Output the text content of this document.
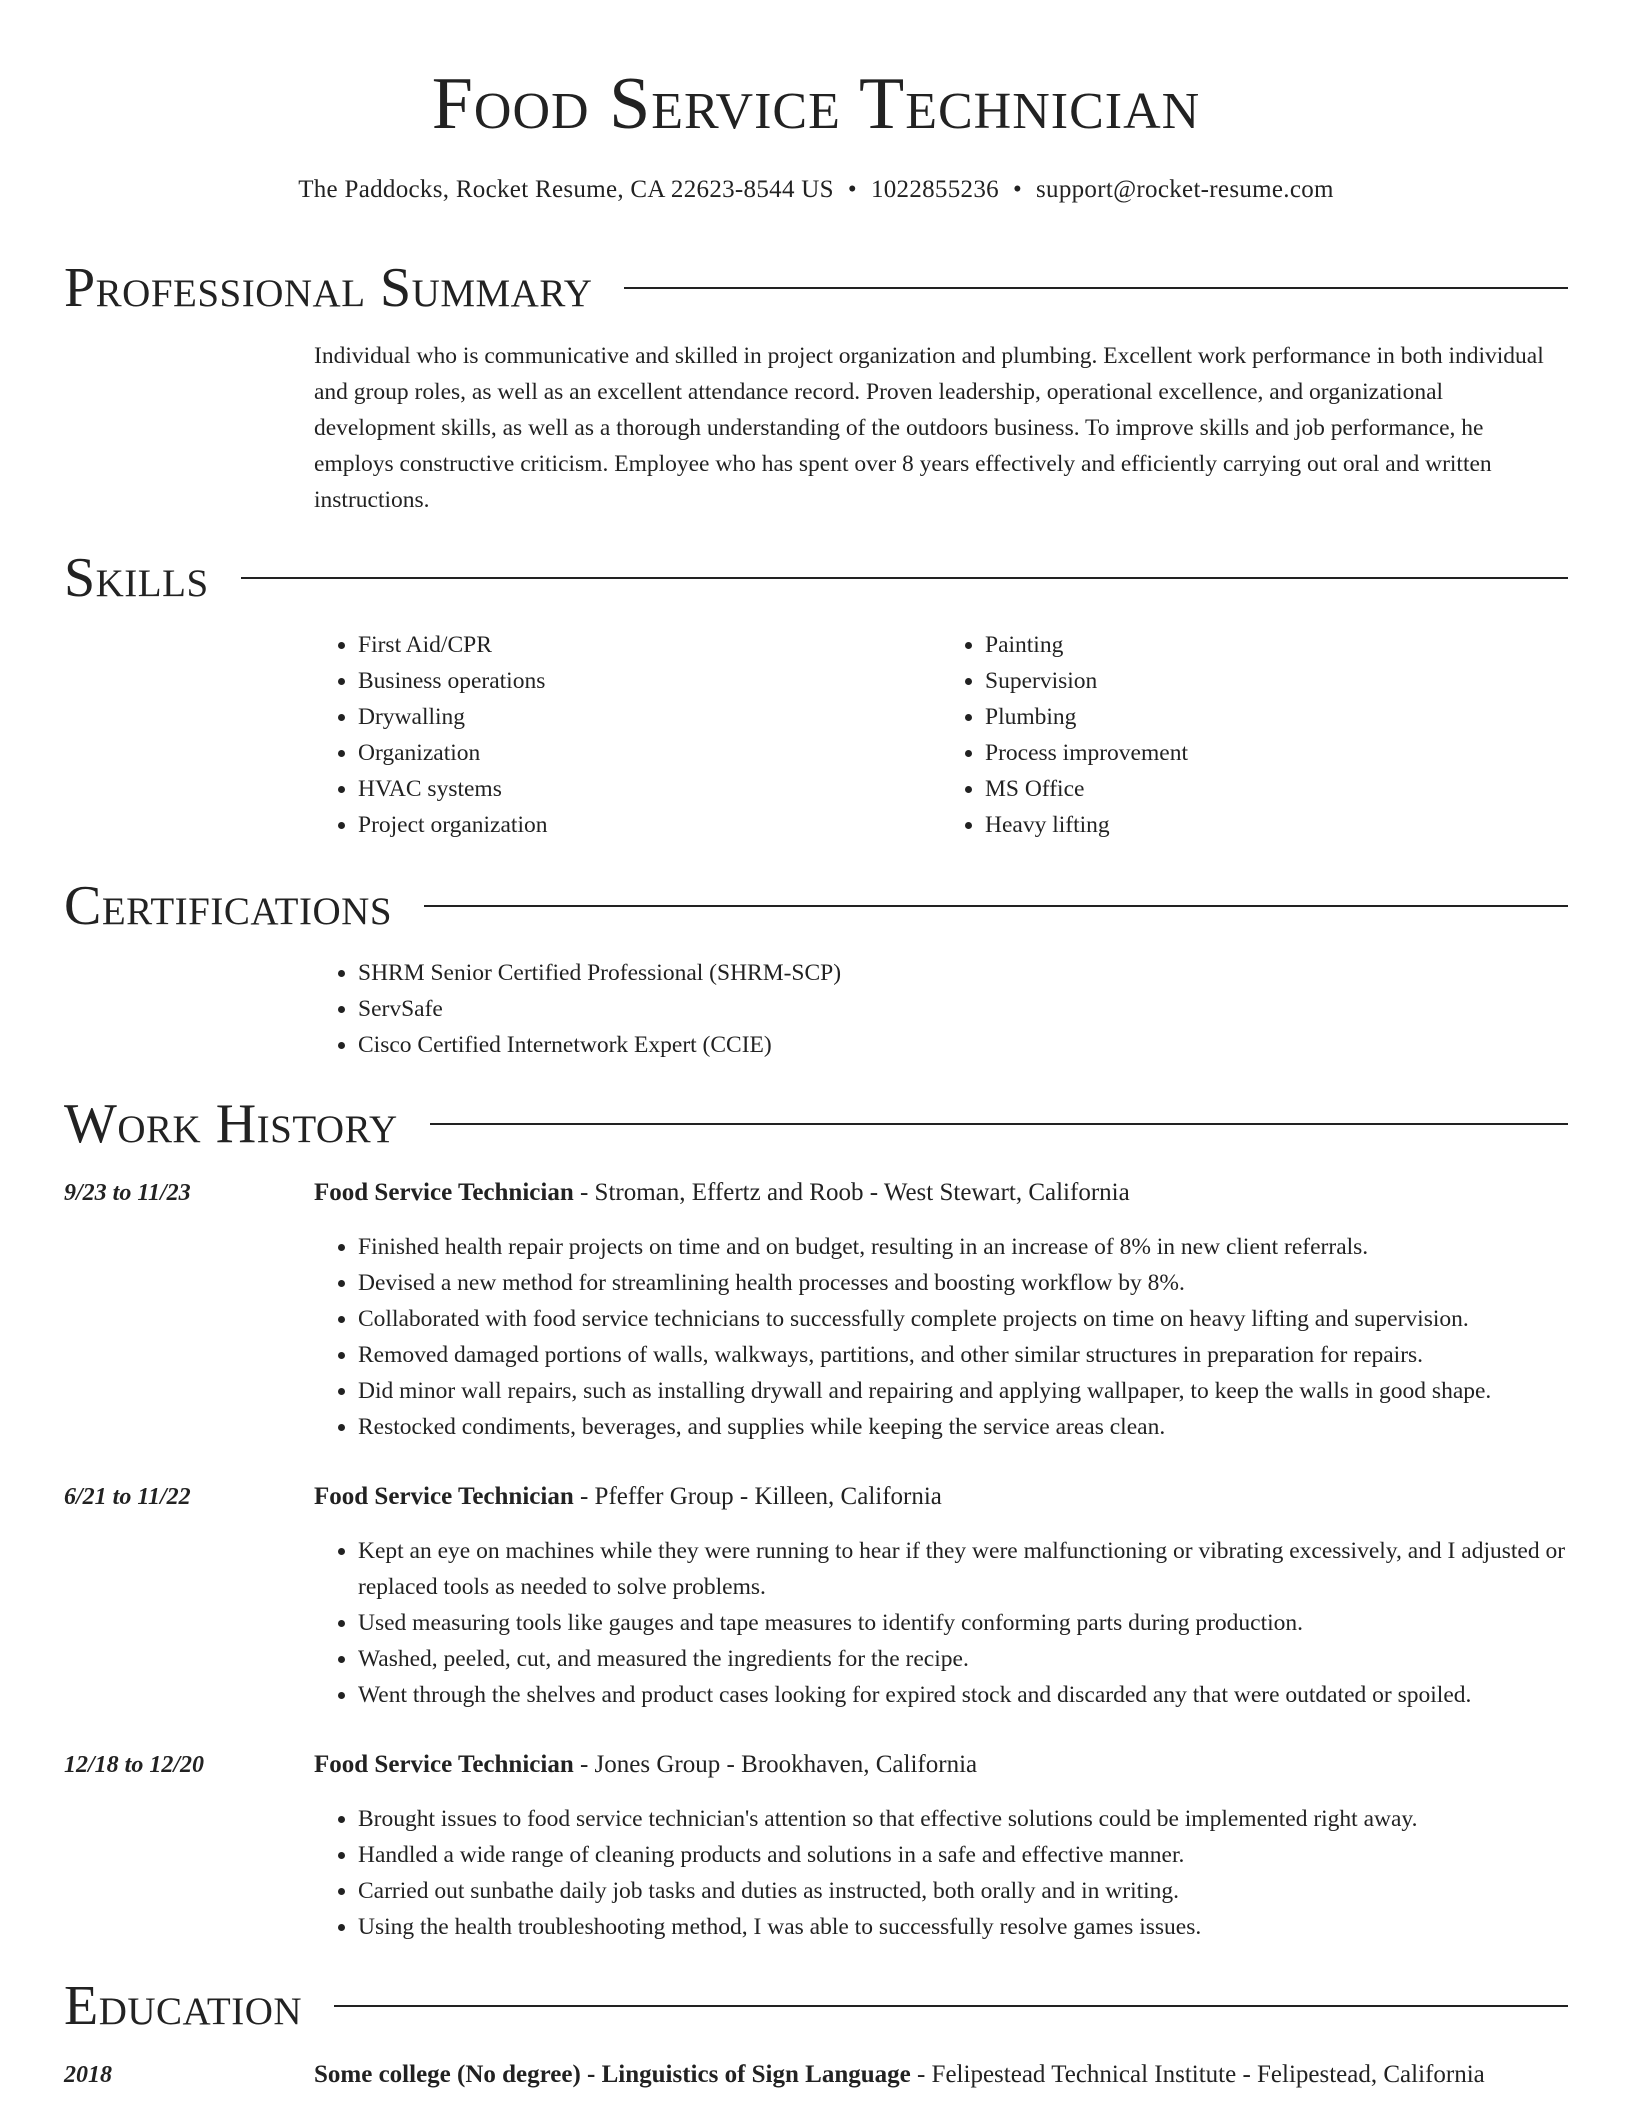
Food Service Technician
The Paddocks, Rocket Resume, CA 22623-8544 US • 1022855236 • support@rocket-resume.com
Professional Summary

Individual who is communicative and skilled in project organization and plumbing. Excellent work performance in both individual and group roles, as well as an excellent attendance record. Proven leadership, operational excellence, and organizational development skills, as well as a thorough understanding of the outdoors business. To improve skills and job performance, he employs constructive criticism. Employee who has spent over 8 years effectively and efficiently carrying out oral and written instructions.

Skills
• First Aid/CPR
• Business operations
• Drywalling
• Organization
• HVAC systems
• Project organization
• Painting
• Supervision
• Plumbing
• Process improvement
• MS Office
• Heavy lifting
Certifications
• SHRM Senior Certified Professional (SHRM-SCP)
• ServSafe
• Cisco Certified Internetwork Expert (CCIE)
Work History
9/23 to 11/23	Food Service Technician - Stroman, Effertz and Roob - West Stewart, California
• Finished health repair projects on time and on budget, resulting in an increase of 8% in new client referrals.
• Devised a new method for streamlining health processes and boosting workflow by 8%.
• Collaborated with food service technicians to successfully complete projects on time on heavy lifting and supervision.
• Removed damaged portions of walls, walkways, partitions, and other similar structures in preparation for repairs.
• Did minor wall repairs, such as installing drywall and repairing and applying wallpaper, to keep the walls in good shape.
• Restocked condiments, beverages, and supplies while keeping the service areas clean.
6/21 to 11/22	Food Service Technician - Pfeffer Group - Killeen, California
• Kept an eye on machines while they were running to hear if they were malfunctioning or vibrating excessively, and I adjusted or replaced tools as needed to solve problems.
• Used measuring tools like gauges and tape measures to identify conforming parts during production.
• Washed, peeled, cut, and measured the ingredients for the recipe.
• Went through the shelves and product cases looking for expired stock and discarded any that were outdated or spoiled.
12/18 to 12/20	Food Service Technician - Jones Group - Brookhaven, California
• Brought issues to food service technician's attention so that effective solutions could be implemented right away.
• Handled a wide range of cleaning products and solutions in a safe and effective manner.
• Carried out sunbathe daily job tasks and duties as instructed, both orally and in writing.
• Using the health troubleshooting method, I was able to successfully resolve games issues.
Education
2018	Some college (No degree) - Linguistics of Sign Language - Felipestead Technical Institute - Felipestead, California
